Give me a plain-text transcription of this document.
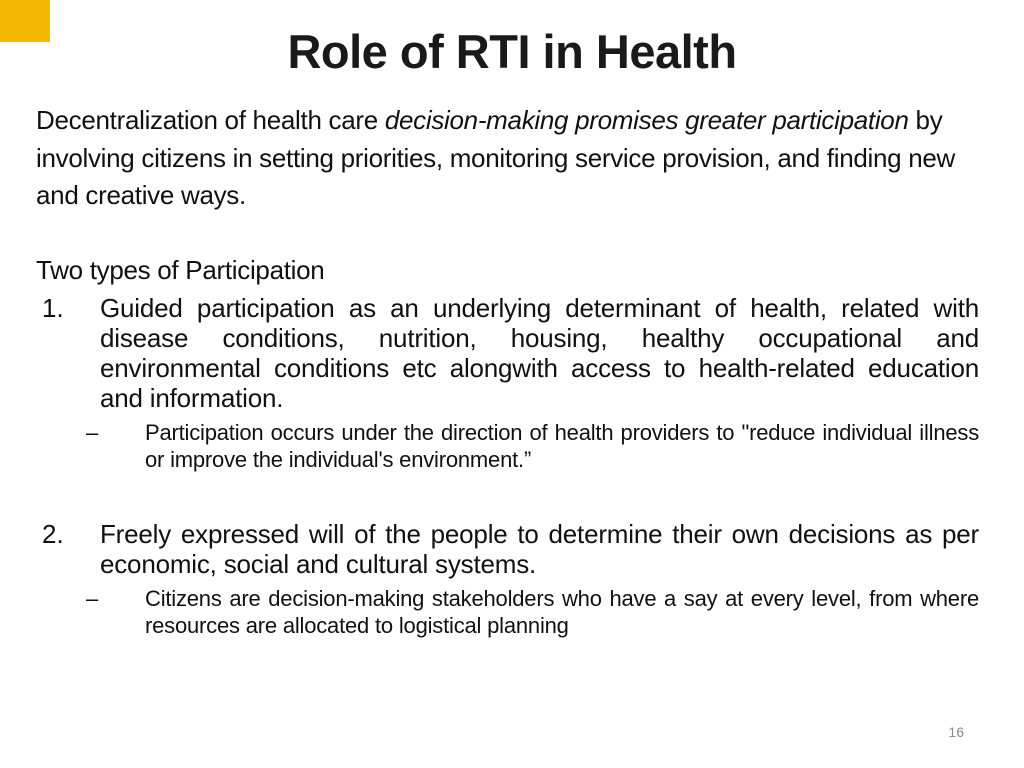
Role of RTI in Health

Decentralization of health care decision-making promises greater participation by involving citizens in setting priorities, monitoring service provision, and finding new and creative ways.

Two types of Participation
1. Guided participation as an underlying determinant of health, related with disease conditions, nutrition, housing, healthy occupational and environmental conditions etc alongwith access to health-related education and information.
– Participation occurs under the direction of health providers to "reduce individual illness or improve the individual's environment.”
2. Freely expressed will of the people to determine their own decisions as per economic, social and cultural systems.
– Citizens are decision-making stakeholders who have a say at every level, from where resources are allocated to logistical planning
16
